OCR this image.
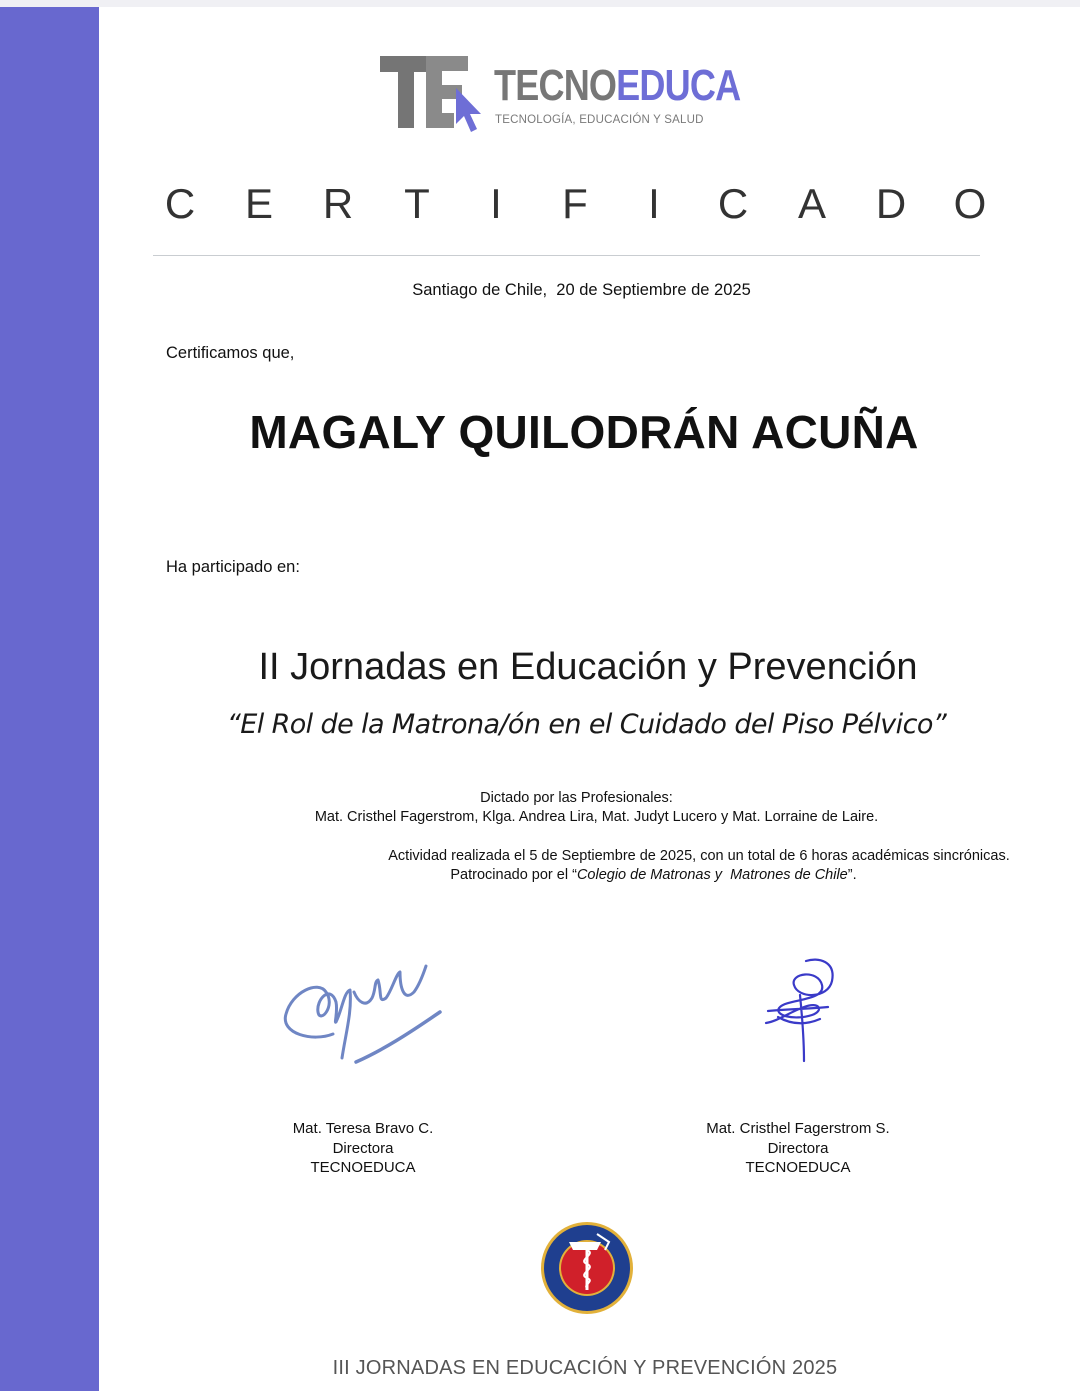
TECNOEDUCA
TECNOLOGÍA, EDUCACIÓN Y SALUD
C E R T	I	F	I	C A D O
Santiago de Chile,  20 de Septiembre de 2025
Certificamos que,
MAGALY QUILODRÁN ACUÑA
Ha participado en:
II Jornadas en Educación y Prevención
“El Rol de la Matrona/ón en el Cuidado del Piso Pélvico”
Dictado por las Profesionales:
Mat. Cristhel Fagerstrom, Klga. Andrea Lira, Mat. Judyt Lucero y Mat. Lorraine de Laire.
Actividad realizada el 5 de Septiembre de 2025, con un total de 6 horas académicas sincrónicas.
Patrocinado por el “Colegio de Matronas y  Matrones de Chile”.
Mat. Teresa Bravo C.
Directora
TECNOEDUCA
Mat. Cristhel Fagerstrom S.
Directora
TECNOEDUCA
III JORNADAS EN EDUCACIÓN Y PREVENCIÓN 2025
